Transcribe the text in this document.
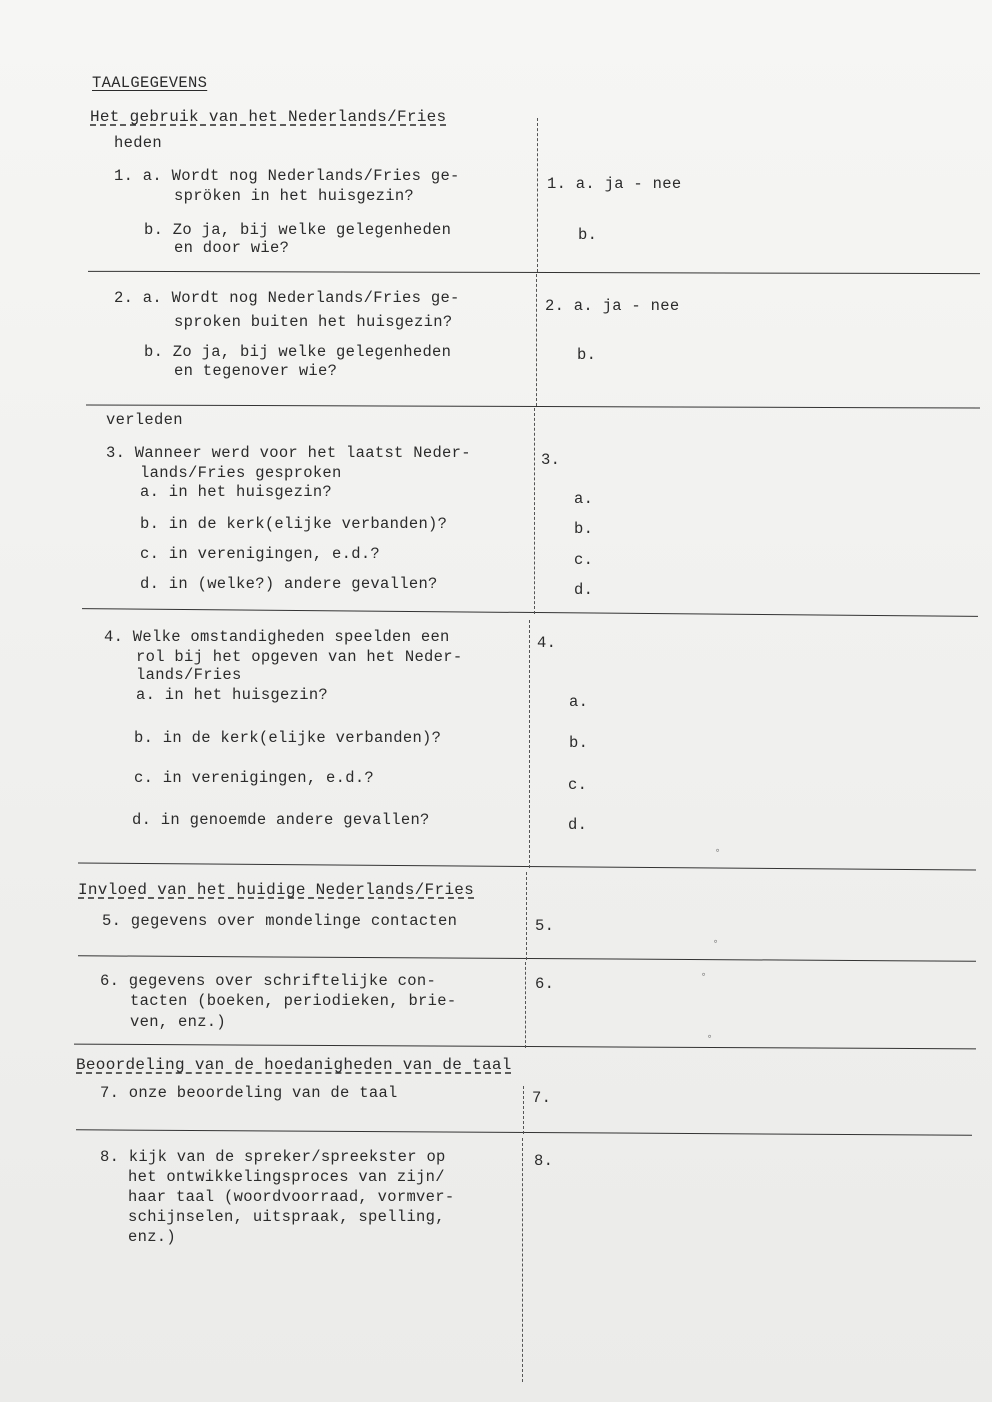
TAALGEGEVENS
Het gebruik van het Nederlands/Fries
heden
1. a. Wordt nog Nederlands/Fries ge-
spröken in het huisgezin?
b. Zo ja, bij welke gelegenheden
en door wie?
1. a. ja - nee
b.
2. a. Wordt nog Nederlands/Fries ge-
sproken buiten het huisgezin?
b. Zo ja, bij welke gelegenheden
en tegenover wie?
2. a. ja - nee
b.
verleden
3. Wanneer werd voor het laatst Neder-
lands/Fries gesproken
a. in het huisgezin?
b. in de kerk(elijke verbanden)?
c. in verenigingen, e.d.?
d. in (welke?) andere gevallen?
3.
a.
b.
c.
d.
4. Welke omstandigheden speelden een
rol bij het opgeven van het Neder-
lands/Fries
a. in het huisgezin?
b. in de kerk(elijke verbanden)?
c. in verenigingen, e.d.?
d. in genoemde andere gevallen?
4.
a.
b.
c.
d.
Invloed van het huidige Nederlands/Fries
5. gegevens over mondelinge contacten	5.
6. gegevens over schriftelijke con-
tacten (boeken, periodieken, brie-
ven, enz.)
6.
Beoordeling van de hoedanigheden van de taal
7. onze beoordeling van de taal	7.
8. kijk van de spreker/spreekster op
het ontwikkelingsproces van zijn/
haar taal (woordvoorraad, vormver-
schijnselen, uitspraak, spelling,
enz.)
8.
◦
◦
◦
◦
